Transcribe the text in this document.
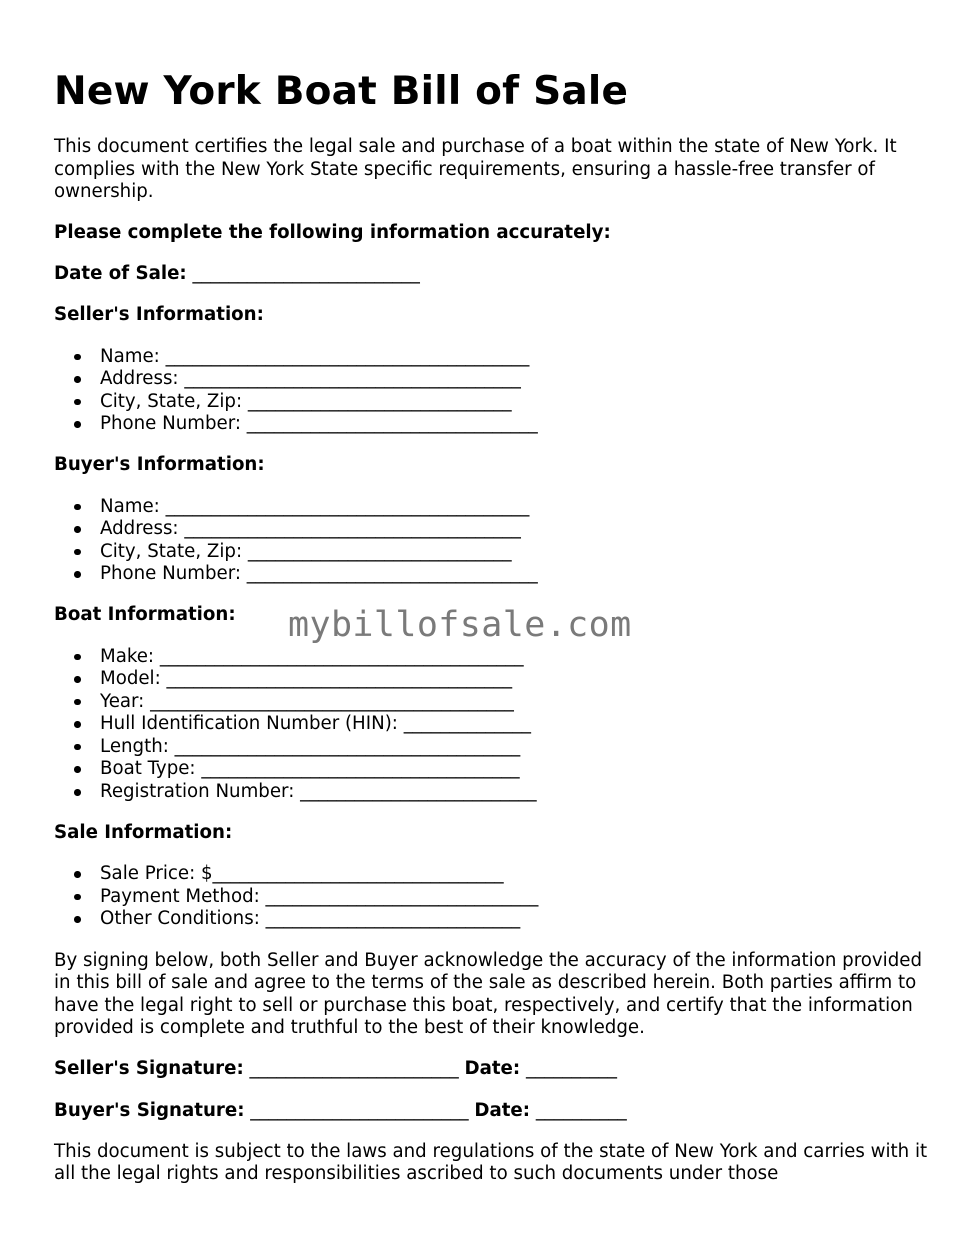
New York Boat Bill of Sale

This document certifies the legal sale and purchase of a boat within the state of New York. It complies with the New York State specific requirements, ensuring a hassle-free transfer of ownership.

Please complete the following information accurately:

Date of Sale: _________________________

Seller's Information:

Name: ________________________________________
Address: _____________________________________
City, State, Zip: _____________________________
Phone Number: ________________________________

Buyer's Information:

Name: ________________________________________
Address: _____________________________________
City, State, Zip: _____________________________
Phone Number: ________________________________

Boat Information:

Make: ________________________________________
Model: ______________________________________
Year: ________________________________________
Hull Identification Number (HIN): ______________
Length: ______________________________________
Boat Type: ___________________________________
Registration Number: __________________________

Sale Information:

Sale Price: $________________________________
Payment Method: ______________________________
Other Conditions: ____________________________

By signing below, both Seller and Buyer acknowledge the accuracy of the information provided in this bill of sale and agree to the terms of the sale as described herein. Both parties affirm to have the legal right to sell or purchase this boat, respectively, and certify that the information provided is complete and truthful to the best of their knowledge.

Seller's Signature: _______________________ Date: __________

Buyer's Signature: ________________________ Date: __________

This document is subject to the laws and regulations of the state of New York and carries with it all the legal rights and responsibilities ascribed to such documents under those

mybillofsale.com
